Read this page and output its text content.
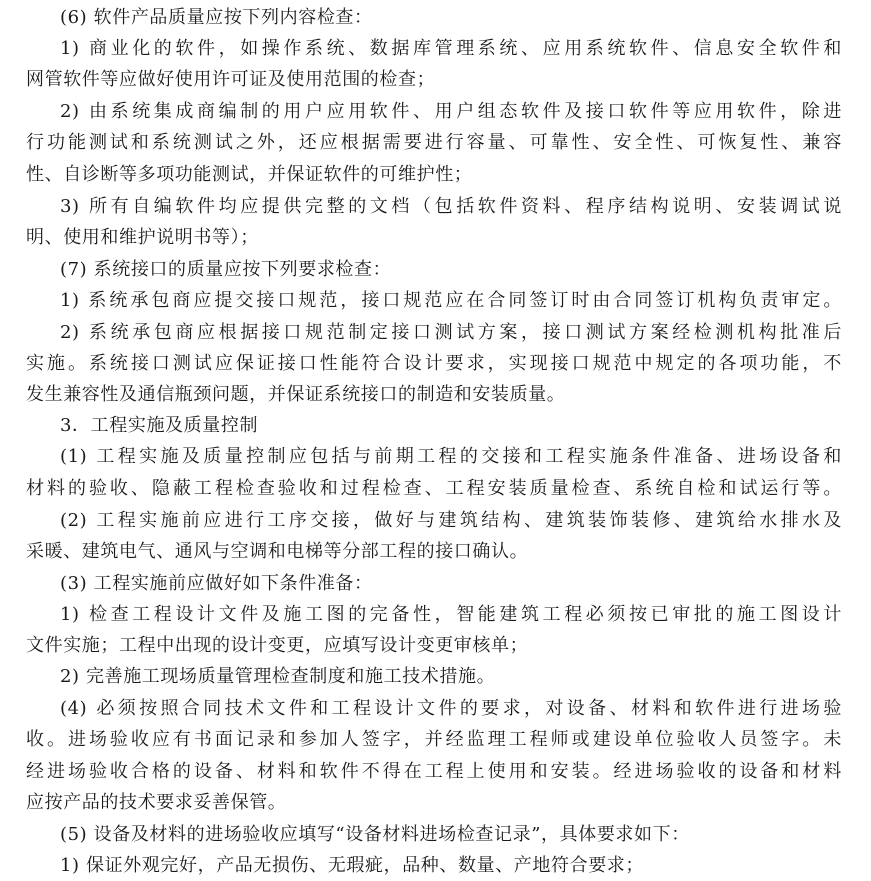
(6) 软件产品质量应按下列内容检查：
1) 商业化的软件，如操作系统、数据库管理系统、应用系统软件、信息安全软件和
网管软件等应做好使用许可证及使用范围的检查；
2) 由系统集成商编制的用户应用软件、用户组态软件及接口软件等应用软件，除进
行功能测试和系统测试之外，还应根据需要进行容量、可靠性、安全性、可恢复性、兼容
性、自诊断等多项功能测试，并保证软件的可维护性；
3) 所有自编软件均应提供完整的文档（包括软件资料、程序结构说明、安装调试说
明、使用和维护说明书等）；
(7) 系统接口的质量应按下列要求检查：
1) 系统承包商应提交接口规范，接口规范应在合同签订时由合同签订机构负责审定。
2) 系统承包商应根据接口规范制定接口测试方案，接口测试方案经检测机构批准后
实施。系统接口测试应保证接口性能符合设计要求，实现接口规范中规定的各项功能，不
发生兼容性及通信瓶颈问题，并保证系统接口的制造和安装质量。
3．工程实施及质量控制
(1) 工程实施及质量控制应包括与前期工程的交接和工程实施条件准备、进场设备和
材料的验收、隐蔽工程检查验收和过程检查、工程安装质量检查、系统自检和试运行等。
(2) 工程实施前应进行工序交接，做好与建筑结构、建筑装饰装修、建筑给水排水及
采暖、建筑电气、通风与空调和电梯等分部工程的接口确认。
(3) 工程实施前应做好如下条件准备：
1) 检查工程设计文件及施工图的完备性，智能建筑工程必须按已审批的施工图设计
文件实施；工程中出现的设计变更，应填写设计变更审核单；
2) 完善施工现场质量管理检查制度和施工技术措施。
(4) 必须按照合同技术文件和工程设计文件的要求，对设备、材料和软件进行进场验
收。进场验收应有书面记录和参加人签字，并经监理工程师或建设单位验收人员签字。未
经进场验收合格的设备、材料和软件不得在工程上使用和安装。经进场验收的设备和材料
应按产品的技术要求妥善保管。
(5) 设备及材料的进场验收应填写“设备材料进场检查记录”，具体要求如下：
1) 保证外观完好，产品无损伤、无瑕疵，品种、数量、产地符合要求；
